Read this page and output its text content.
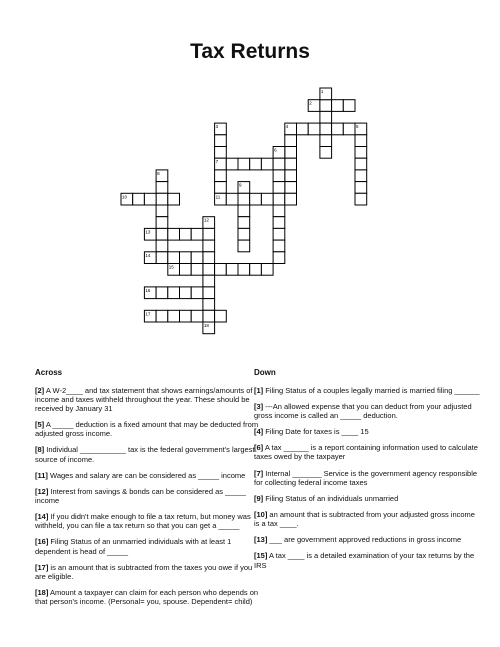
Tax Returns
2
1
4	5
3
7
6
8
10
9
11
12
18
13
14
15
16
17
Across
[2] A W-2____ and tax statement that shows earnings/amounts of income and taxes withheld throughout the year. These should be received by January 31
[5] A _____ deduction is a fixed amount that may be deducted from adjusted gross income.
[8] Individual ___________ tax is the federal government's largest source of income.
[11] Wages and salary are can be considered as _____ income
[12] Interest from savings & bonds can be considered as _____ income
[14] If you didn't make enough to file a tax return, but money was withheld, you can file a tax return so that you can get a _____
[16] Filing Status of an unmarried individuals with at least 1 dependent is head of _____
[17] is an amount that is subtracted from the taxes you owe if you are eligible.
[18] Amount a taxpayer can claim for each person who depends on that person's income. (Personal= you, spouse. Dependent= child)
Down
[1] Filing Status of a couples legally married is married filing ______
[3] ---An allowed expense that you can deduct from your adjusted gross income is called an _____ deduction.
[4] Filing Date for taxes is ____ 15
[6] A tax ______ is a report containing information used to calculate taxes owed by the taxpayer
[7] Internal _______ Service is the government agency responsible for collecting federal income taxes
[9] Filing Status of an individuals unmarried
[10] an amount that is subtracted from your adjusted gross income is a tax ____.
[13] ___ are government approved reductions in gross income
[15] A tax ____ is a detailed examination of your tax returns by the IRS
